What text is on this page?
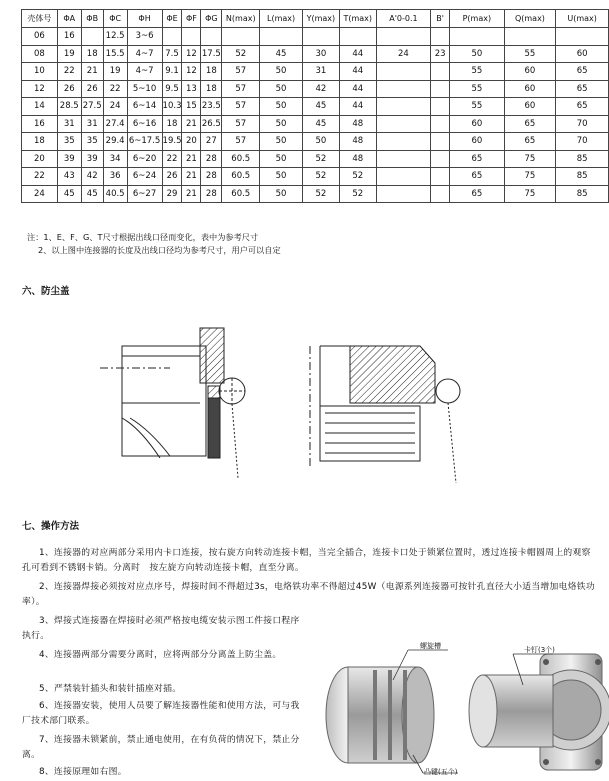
壳体号	ΦA	ΦB	ΦC	ΦH	ΦE	ΦF	ΦG	N(max)	L(max)	Y(max)	T(max)	A'0-0.1	B'	P(max)	Q(max)	U(max)
06	16		12.5	3~6												
08	19	18	15.5	4~7	7.5	12	17.5	52	45	30	44	24	23	50	55	60
10	22	21	19	4~7	9.1	12	18	57	50	31	44			55	60	65
12	26	26	22	5~10	9.5	13	18	57	50	42	44			55	60	65
14	28.5	27.5	24	6~14	10.3	15	23.5	57	50	45	44			55	60	65
16	31	31	27.4	6~16	18	21	26.5	57	50	45	48			60	65	70
18	35	35	29.4	6~17.5	19.5	20	27	57	50	50	48			60	65	70
20	39	39	34	6~20	22	21	28	60.5	50	52	48			65	75	85
22	43	42	36	6~24	26	21	28	60.5	50	52	52			65	75	85
24	45	45	40.5	6~27	29	21	28	60.5	50	52	52			65	75	85
注：1、E、F、G、T尺寸根据出线口径而变化，表中为参考尺寸
2、以上图中连接器的长度及出线口径均为参考尺寸，用户可以自定
六、防尘盖
七、操作方法

1、连接器的对应两部分采用内卡口连接，按右旋方向转动连接卡帽，当完全插合，连接卡口处于锁紧位置时，透过连接卡帽圆周上的观察孔可看到不锈钢卡销。分离时　按左旋方向转动连接卡帽，直至分离。

2、连接器焊接必须按对应点序号，焊接时间不得超过3s，电烙铁功率不得超过45W（电源系列连接器可按针孔直径大小适当增加电烙铁功率）。

3、焊接式连接器在焊接时必须严格按电缆安装示图工件接口程序执行。

4、连接器两部分需要分离时，应将两部分分离盖上防尘盖。

5、严禁装针插头和装针插座对插。

6、连接器安装，使用人员要了解连接器性能和使用方法，可与我厂技术部门联系。

7、连接器未锁紧前，禁止通电使用，在有负荷的情况下，禁止分离。

8、连接原理如右图。

螺旋槽	卡钉(3个)
凸键(五个)
